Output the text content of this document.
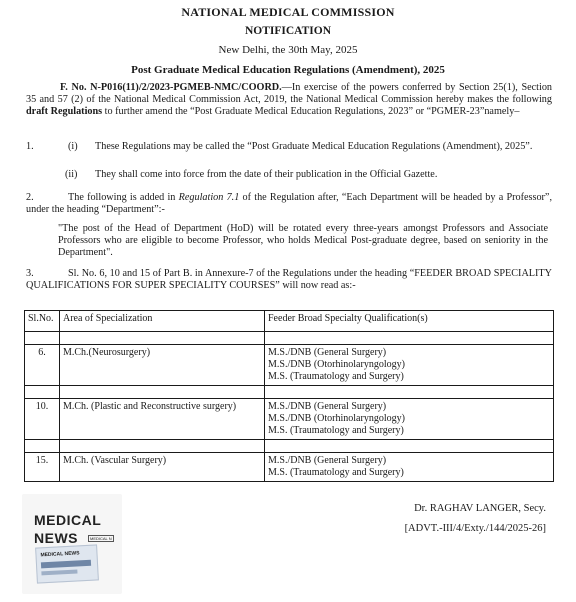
NATIONAL MEDICAL COMMISSION
NOTIFICATION
New Delhi, the 30th May, 2025
Post Graduate Medical Education Regulations (Amendment), 2025
F. No. N-P016(11)/2/2023-PGMEB-NMC/COORD.—In exercise of the powers conferred by Section 25(1), Section 35 and 57 (2) of the National Medical Commission Act, 2019, the National Medical Commission hereby makes the following draft Regulations to further amend the “Post Graduate Medical Education Regulations, 2023” or “PGMER-23”namely–
1.	(i) These Regulations may be called the “Post Graduate Medical Education Regulations (Amendment), 2025”.
(ii) They shall come into force from the date of their publication in the Official Gazette.
2.	The following is added in Regulation 7.1 of the Regulation after, “Each Department will be headed by a Professor”, under the heading “Department”:-
"The post of the Head of Department (HoD) will be rotated every three-years amongst Professors and Associate Professors who are eligible to become Professor, who holds Medical Post-graduate degree, based on seniority in the Department".
3.	Sl. No. 6, 10 and 15 of Part B. in Annexure-7 of the Regulations under the heading “FEEDER BROAD SPECIALITY QUALIFICATIONS FOR SUPER SPECIALITY COURSES” will now read as:-
Sl.No.	Area of Specialization	Feeder Broad Specialty Qualification(s)

6.	M.Ch.(Neurosurgery)	M.S./DNB (General Surgery)
M.S./DNB (Otorhinolaryngology)
M.S. (Traumatology and Surgery)

10.	M.Ch. (Plastic and Reconstructive surgery)	M.S./DNB (General Surgery)
M.S./DNB (Otorhinolaryngology)
M.S. (Traumatology and Surgery)

15.	M.Ch. (Vascular Surgery)	M.S./DNB (General Surgery)
M.S. (Traumatology and Surgery)
Dr. RAGHAV LANGER, Secy.
[ADVT.-III/4/Exty./144/2025-26]
MEDICAL
NEWS	MEDICAL N
MEDICAL NEWS
